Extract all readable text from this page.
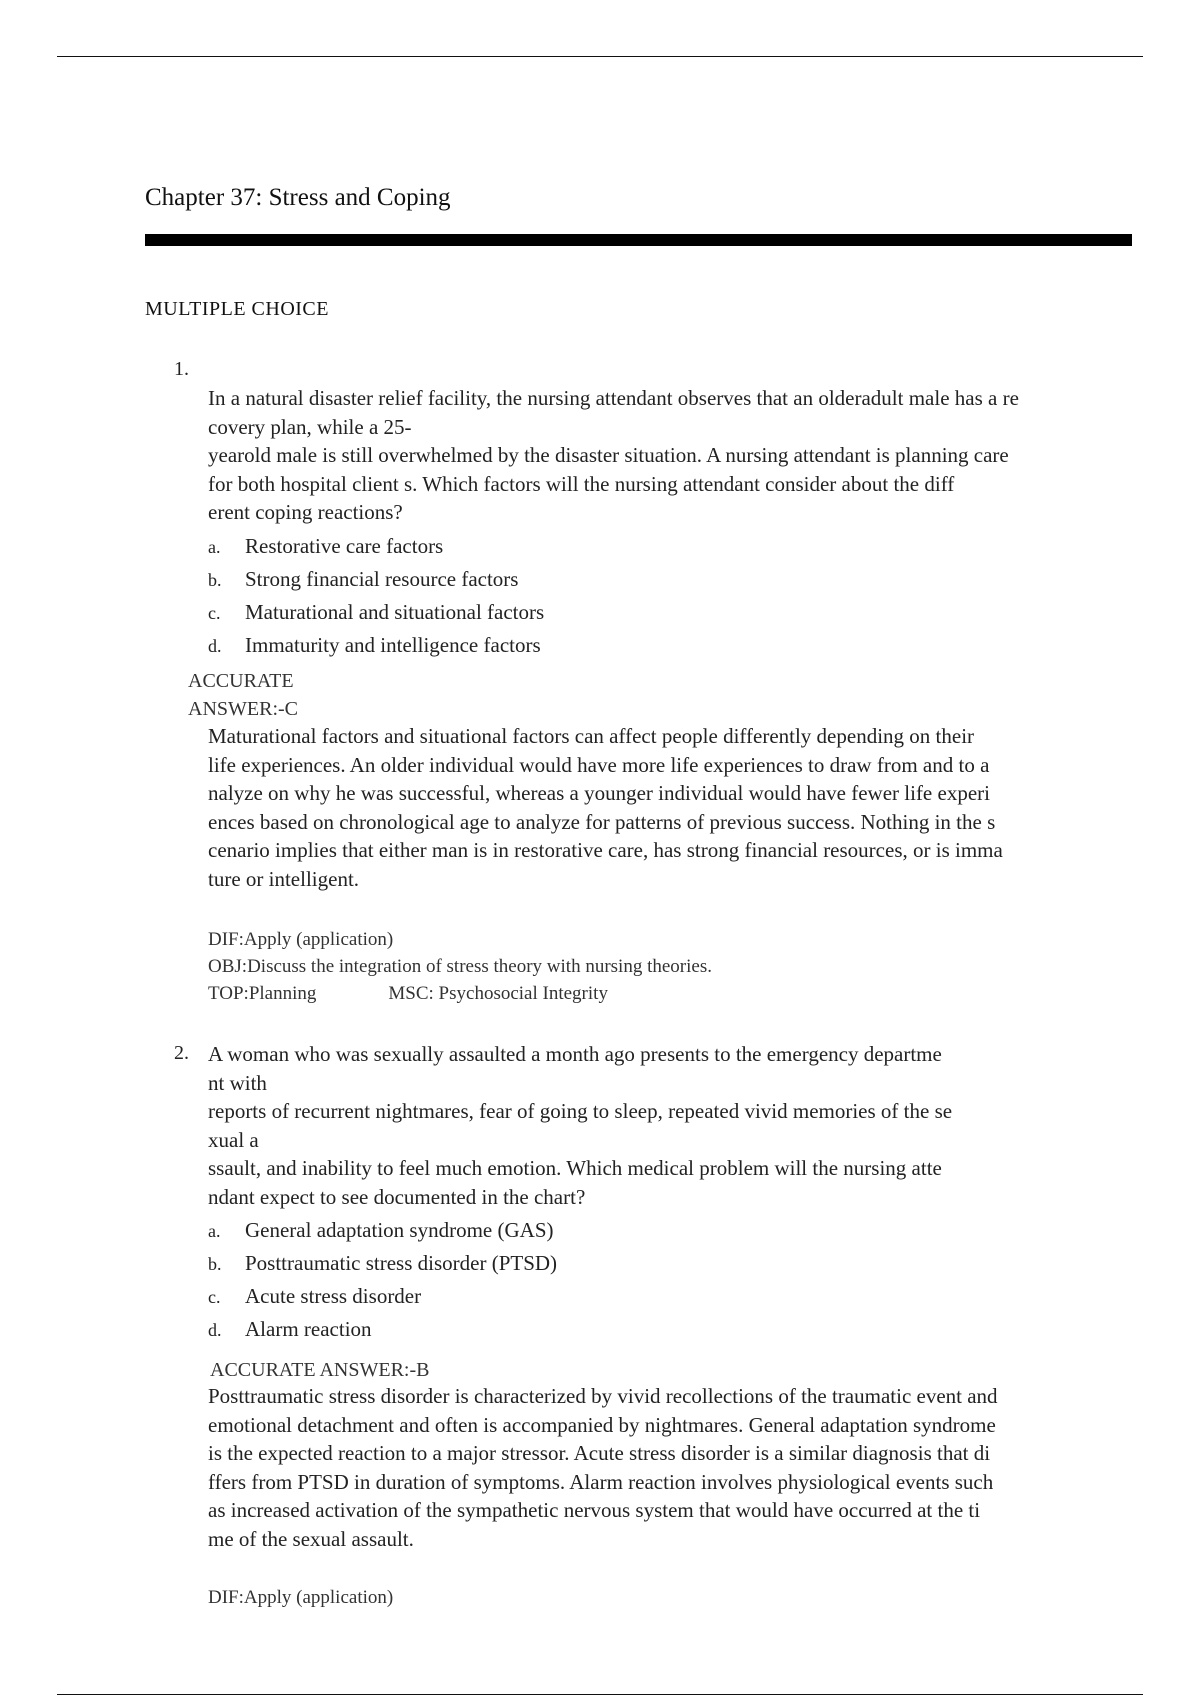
Chapter 37: Stress and Coping
MULTIPLE CHOICE
1.

In a natural disaster relief facility, the nursing attendant observes that an olderadult male has a re

covery plan, while a 25-

yearold male is still overwhelmed by the disaster situation. A nursing attendant is planning care

for both hospital client s. Which factors will the nursing attendant consider about the diff

erent coping reactions?

a. Restorative care factors
b. Strong financial resource factors
c. Maturational and situational factors
d. Immaturity and intelligence factors
ACCURATE
ANSWER:-C

Maturational factors and situational factors can affect people differently depending on their

life experiences. An older individual would have more life experiences to draw from and to a

nalyze on why he was successful, whereas a younger individual would have fewer life experi

ences based on chronological age to analyze for patterns of previous success. Nothing in the s

cenario implies that either man is in restorative care, has strong financial resources, or is imma

ture or intelligent.

DIF:Apply (application)
OBJ:Discuss the integration of stress theory with nursing theories.
TOP:Planning	MSC: Psychosocial Integrity
2. A woman who was sexually assaulted a month ago presents to the emergency departme

nt with

reports of recurrent nightmares, fear of going to sleep, repeated vivid memories of the se

xual a

ssault, and inability to feel much emotion. Which medical problem will the nursing atte

ndant expect to see documented in the chart?

a. General adaptation syndrome (GAS)
b. Posttraumatic stress disorder (PTSD)
c. Acute stress disorder
d. Alarm reaction
ACCURATE ANSWER:-B

Posttraumatic stress disorder is characterized by vivid recollections of the traumatic event and

emotional detachment and often is accompanied by nightmares. General adaptation syndrome

is the expected reaction to a major stressor. Acute stress disorder is a similar diagnosis that di

ffers from PTSD in duration of symptoms. Alarm reaction involves physiological events such

as increased activation of the sympathetic nervous system that would have occurred at the ti

me of the sexual assault.

DIF:Apply (application)
